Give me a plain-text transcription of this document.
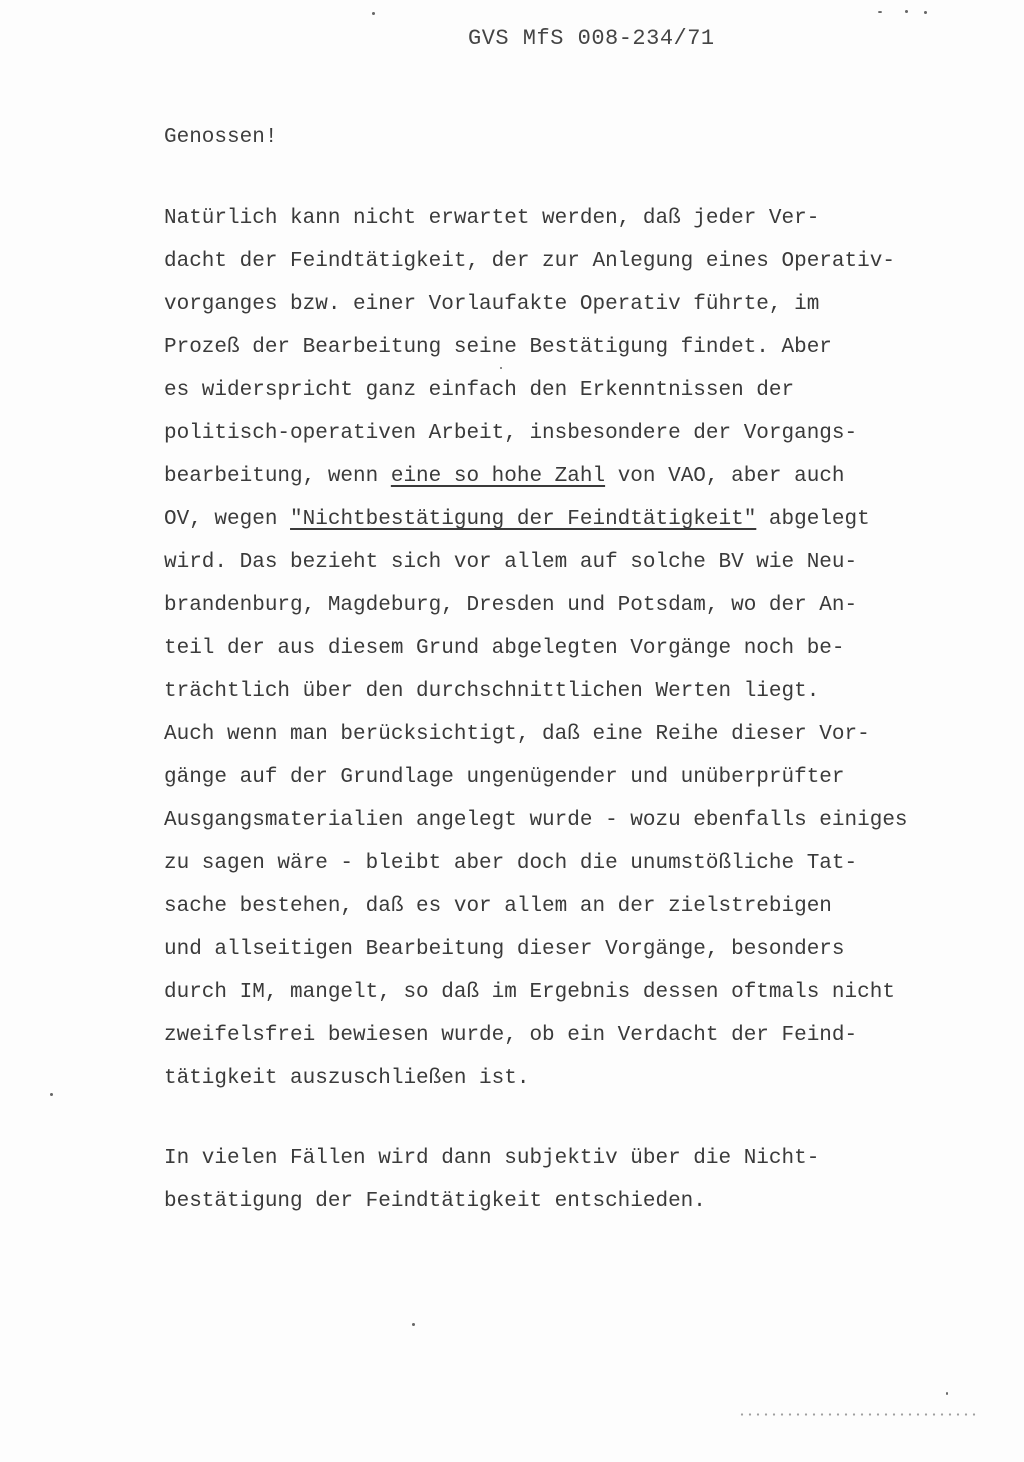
GVS MfS 008-234/71
Genossen!
Natürlich kann nicht erwartet werden, daß jeder Ver-
dacht der Feindtätigkeit, der zur Anlegung eines Operativ-
vorganges bzw. einer Vorlaufakte Operativ führte, im
Prozeß der Bearbeitung seine Bestätigung findet. Aber
es widerspricht ganz einfach den Erkenntnissen der
politisch-operativen Arbeit, insbesondere der Vorgangs-
bearbeitung, wenn eine so hohe Zahl von VAO, aber auch
OV, wegen "Nichtbestätigung der Feindtätigkeit" abgelegt
wird. Das bezieht sich vor allem auf solche BV wie Neu-
brandenburg, Magdeburg, Dresden und Potsdam, wo der An-
teil der aus diesem Grund abgelegten Vorgänge noch be-
trächtlich über den durchschnittlichen Werten liegt.
Auch wenn man berücksichtigt, daß eine Reihe dieser Vor-
gänge auf der Grundlage ungenügender und unüberprüfter
Ausgangsmaterialien angelegt wurde - wozu ebenfalls einiges
zu sagen wäre - bleibt aber doch die unumstößliche Tat-
sache bestehen, daß es vor allem an der zielstrebigen
und allseitigen Bearbeitung dieser Vorgänge, besonders
durch IM, mangelt, so daß im Ergebnis dessen oftmals nicht
zweifelsfrei bewiesen wurde, ob ein Verdacht der Feind-
tätigkeit auszuschließen ist.
In vielen Fällen wird dann subjektiv über die Nicht-
bestätigung der Feindtätigkeit entschieden.
